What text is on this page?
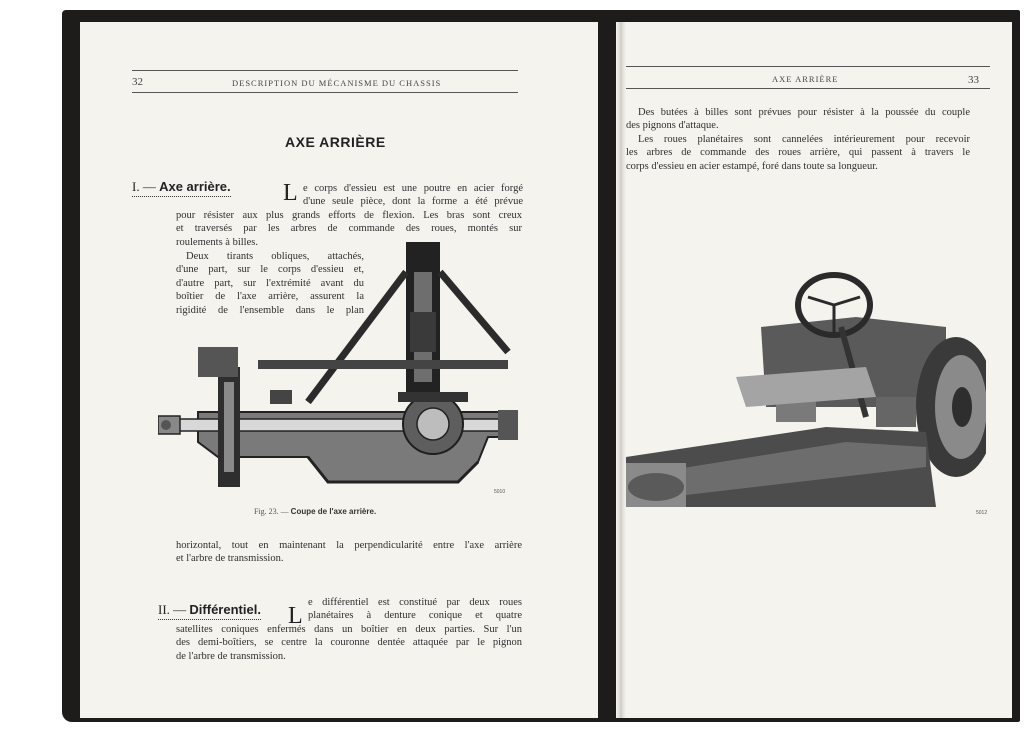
32	DESCRIPTION DU MÉCANISME DU CHASSIS
AXE ARRIÈRE
I. — Axe arrière. L e corps d'essieu est une poutre en acier forgé
d'une seule pièce, dont la forme a été prévue
pour résister aux plus grands efforts de flexion. Les bras sont creux
et traversés par les arbres de commande des roues, montés sur
roulements à billes.
Deux tirants obliques, attachés,
d'une part, sur le corps d'essieu et,
d'autre part, sur l'extrémité avant du
boîtier de l'axe arrière, assurent la
rigidité de l'ensemble dans le plan
5010
Fig. 23. — Coupe de l'axe arrière.
horizontal, tout en maintenant la perpendicularité entre l'axe arrière
et l'arbre de transmission.
II. — Différentiel. L
e différentiel est constitué par deux roues
planétaires à denture conique et quatre
satellites coniques enfermés dans un boîtier en deux parties. Sur l'un
des demi-boîtiers, se centre la couronne dentée attaquée par le pignon
de l'arbre de transmission.
AXE ARRIÈRE	33
Des butées à billes sont prévues pour résister à la poussée du couple
des pignons d'attaque.
Les roues planétaires sont cannelées intérieurement pour recevoir
les arbres de commande des roues arrière, qui passent à travers le
corps d'essieu en acier estampé, foré dans toute sa longueur.
5012
